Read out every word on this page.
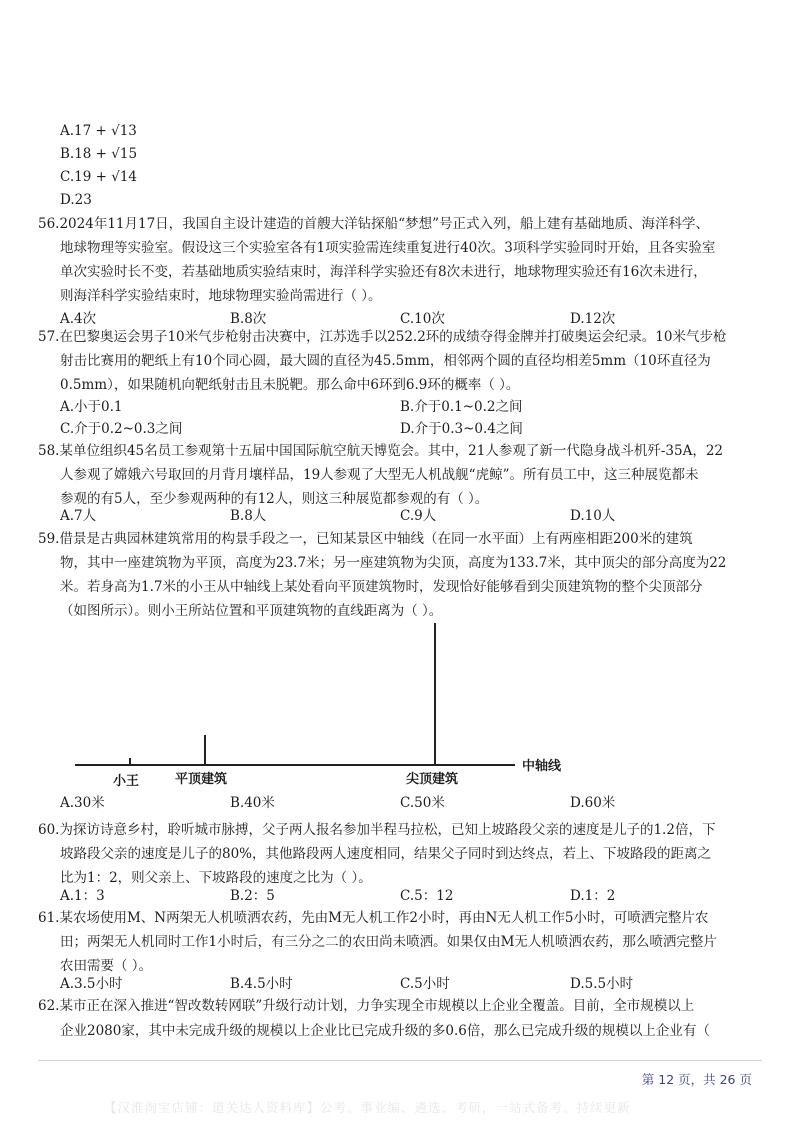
A.17 + √13
B.18 + √15
C.19 + √14
D.23
56.2024年11月17日，我国自主设计建造的首艘大洋钻探船“梦想”号正式入列，船上建有基础地质、海洋科学、
地球物理等实验室。假设这三个实验室各有1项实验需连续重复进行40次。3项科学实验同时开始，且各实验室
单次实验时长不变，若基础地质实验结束时，海洋科学实验还有8次未进行，地球物理实验还有16次未进行，
则海洋科学实验结束时，地球物理实验尚需进行（ ）。
A.4次	B.8次	C.10次	D.12次
57.在巴黎奥运会男子10米气步枪射击决赛中，江苏选手以252.2环的成绩夺得金牌并打破奥运会纪录。10米气步枪
射击比赛用的靶纸上有10个同心圆，最大圆的直径为45.5mm，相邻两个圆的直径均相差5mm（10环直径为
0.5mm），如果随机向靶纸射击且未脱靶。那么命中6环到6.9环的概率（ ）。
A.小于0.1	B.介于0.1~0.2之间
C.介于0.2~0.3之间	D.介于0.3~0.4之间
58.某单位组织45名员工参观第十五届中国国际航空航天博览会。其中，21人参观了新一代隐身战斗机歼-35A，22
人参观了嫦娥六号取回的月背月壤样品，19人参观了大型无人机战舰“虎鲸”。所有员工中，这三种展览都未
参观的有5人，至少参观两种的有12人，则这三种展览都参观的有（ ）。
A.7人	B.8人	C.9人	D.10人
59.借景是古典园林建筑常用的构景手段之一，已知某景区中轴线（在同一水平面）上有两座相距200米的建筑
物，其中一座建筑物为平顶，高度为23.7米；另一座建筑物为尖顶，高度为133.7米，其中顶尖的部分高度为22
米。若身高为1.7米的小王从中轴线上某处看向平顶建筑物时，发现恰好能够看到尖顶建筑物的整个尖顶部分
（如图所示）。则小王所站位置和平顶建筑物的直线距离为（ ）。
小王	平顶建筑	尖顶建筑
中轴线
A.30米	B.40米	C.50米	D.60米
60.为探访诗意乡村，聆听城市脉搏，父子两人报名参加半程马拉松，已知上坡路段父亲的速度是儿子的1.2倍，下
坡路段父亲的速度是儿子的80%，其他路段两人速度相同，结果父子同时到达终点，若上、下坡路段的距离之
比为1：2，则父亲上、下坡路段的速度之比为（ ）。
A.1：3	B.2：5	C.5：12	D.1：2
61.某农场使用M、N两架无人机喷洒农药，先由M无人机工作2小时，再由N无人机工作5小时，可喷洒完整片农
田；两架无人机同时工作1小时后，有三分之二的农田尚未喷洒。如果仅由M无人机喷洒农药，那么喷洒完整片
农田需要（ ）。
A.3.5小时	B.4.5小时	C.5小时	D.5.5小时
62.某市正在深入推进“智改数转网联”升级行动计划，力争实现全市规模以上企业全覆盖。目前，全市规模以上
企业2080家，其中未完成升级的规模以上企业比已完成升级的多0.6倍，那么已完成升级的规模以上企业有（
第 12 页，共 26 页
【汉淮淘宝店铺：道关达人资料库】公考、事业编、遴选、考研，一站式备考、持续更新
